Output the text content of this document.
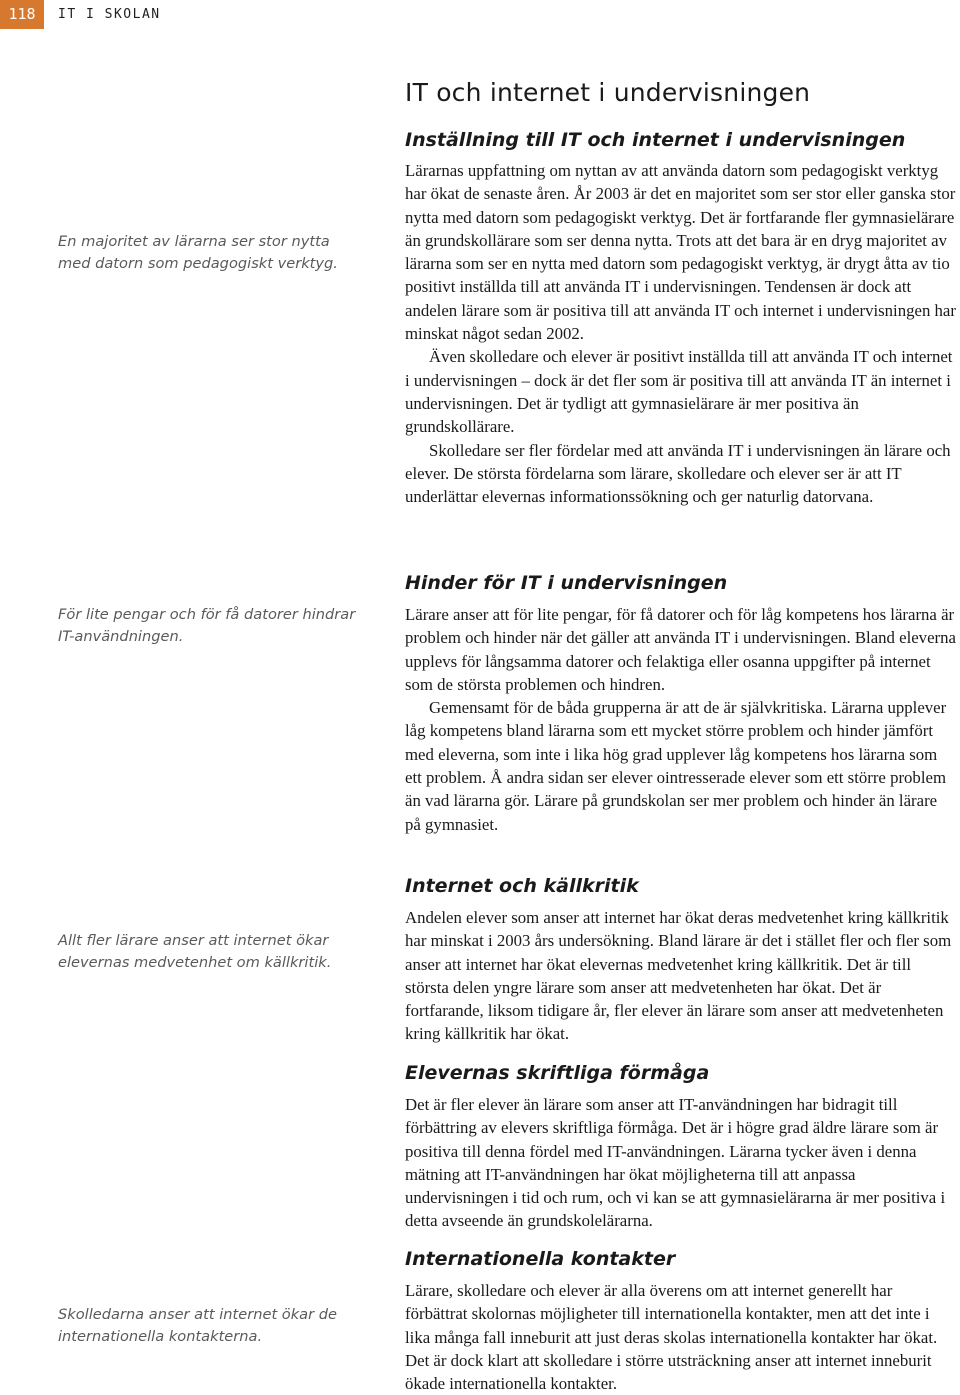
118	IT I SKOLAN
En majoritet av lärarna ser stor nytta med datorn som pedagogiskt verktyg.
För lite pengar och för få datorer hindrar IT-användningen.
Allt fler lärare anser att internet ökar elevernas medvetenhet om källkritik.
Skolledarna anser att internet ökar de internationella kontakterna.
IT och internet i undervisningen
Inställning till IT och internet i undervisningen

Lärarnas uppfattning om nyttan av att använda datorn som pedagogiskt verktyg har ökat de senaste åren. År 2003 är det en majoritet som ser stor eller ganska stor nytta med datorn som pedagogiskt verktyg. Det är fortfarande fler gymnasielärare än grundskollärare som ser denna nytta. Trots att det bara är en dryg majoritet av lärarna som ser en nytta med datorn som pedagogiskt verktyg, är drygt åtta av tio positivt inställda till att använda IT i undervisningen. Tendensen är dock att andelen lärare som är positiva till att använda IT och internet i undervisningen har minskat något sedan 2002.

Även skolledare och elever är positivt inställda till att använda IT och internet i undervisningen – dock är det fler som är positiva till att använda IT än internet i undervisningen. Det är tydligt att gymnasielärare är mer positiva än grundskollärare.

Skolledare ser fler fördelar med att använda IT i undervisningen än lärare och elever. De största fördelarna som lärare, skolledare och elever ser är att IT underlättar elevernas informationssökning och ger naturlig datorvana.

Hinder för IT i undervisningen

Lärare anser att för lite pengar, för få datorer och för låg kompetens hos lärarna är problem och hinder när det gäller att använda IT i undervisningen. Bland eleverna upplevs för långsamma datorer och felaktiga eller osanna uppgifter på internet som de största problemen och hindren.

Gemensamt för de båda grupperna är att de är självkritiska. Lärarna upplever låg kompetens bland lärarna som ett mycket större problem och hinder jämfört med eleverna, som inte i lika hög grad upplever låg kompetens hos lärarna som ett problem. Å andra sidan ser elever ointresserade elever som ett större problem än vad lärarna gör. Lärare på grundskolan ser mer problem och hinder än lärare på gymnasiet.

Internet och källkritik

Andelen elever som anser att internet har ökat deras medvetenhet kring källkritik har minskat i 2003 års undersökning. Bland lärare är det i stället fler och fler som anser att internet har ökat elevernas medvetenhet kring källkritik. Det är till största delen yngre lärare som anser att medvetenheten har ökat. Det är fortfarande, liksom tidigare år, fler elever än lärare som anser att medvetenheten kring källkritik har ökat.

Elevernas skriftliga förmåga

Det är fler elever än lärare som anser att IT-användningen har bidragit till förbättring av elevers skriftliga förmåga. Det är i högre grad äldre lärare som är positiva till denna fördel med IT-användningen. Lärarna tycker även i denna mätning att IT-användningen har ökat möjligheterna till att anpassa undervisningen i tid och rum, och vi kan se att gymnasielärarna är mer positiva i detta avseende än grundskolelärarna.

Internationella kontakter

Lärare, skolledare och elever är alla överens om att internet generellt har förbättrat skolornas möjligheter till internationella kontakter, men att det inte i lika många fall inneburit att just deras skolas internationella kontakter har ökat. Det är dock klart att skolledare i större utsträckning anser att internet inneburit ökade internationella kontakter.
